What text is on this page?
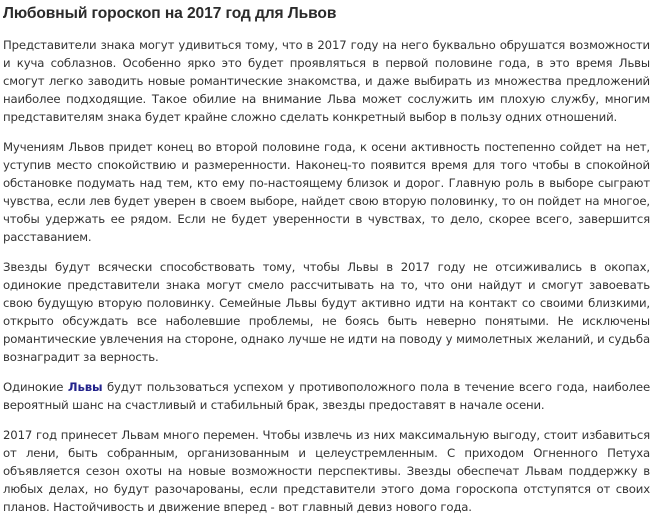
Любовный гороскоп на 2017 год для Львов

Представители знака могут удивиться тому, что в 2017 году на него буквально обрушатся возможности и куча соблазнов. Особенно ярко это будет проявляться в первой половине года, в это время Львы смогут легко заводить новые романтические знакомства, и даже выбирать из множества предложений наиболее подходящие. Такое обилие на внимание Льва может сослужить им плохую службу, многим представителям знака будет крайне сложно сделать конкретный выбор в пользу одних отношений.

Мучениям Львов придет конец во второй половине года, к осени активность постепенно сойдет на нет, уступив место спокойствию и размеренности. Наконец-то появится время для того чтобы в спокойной обстановке подумать над тем, кто ему по-настоящему близок и дорог. Главную роль в выборе сыграют чувства, если лев будет уверен в своем выборе, найдет свою вторую половинку, то он пойдет на многое, чтобы удержать ее рядом. Если не будет уверенности в чувствах, то дело, скорее всего, завершится расставанием.

Звезды будут всячески способствовать тому, чтобы Львы в 2017 году не отсиживались в окопах, одинокие представители знака могут смело рассчитывать на то, что они найдут и смогут завоевать свою будущую вторую половинку. Семейные Львы будут активно идти на контакт со своими близкими, открыто обсуждать все наболевшие проблемы, не боясь быть неверно понятыми. Не исключены романтические увлечения на стороне, однако лучше не идти на поводу у мимолетных желаний, и судьба вознаградит за верность.

Одинокие Львы будут пользоваться успехом у противоположного пола в течение всего года, наиболее вероятный шанс на счастливый и стабильный брак, звезды предоставят в начале осени.

2017 год принесет Львам много перемен. Чтобы извлечь из них максимальную выгоду, стоит избавиться от лени, быть собранным, организованным и целеустремленным. С приходом Огненного Петуха объявляется сезон охоты на новые возможности перспективы. Звезды обеспечат Львам поддержку в любых делах, но будут разочарованы, если представители этого дома гороскопа отступятся от своих планов. Настойчивость и движение вперед - вот главный девиз нового года.
